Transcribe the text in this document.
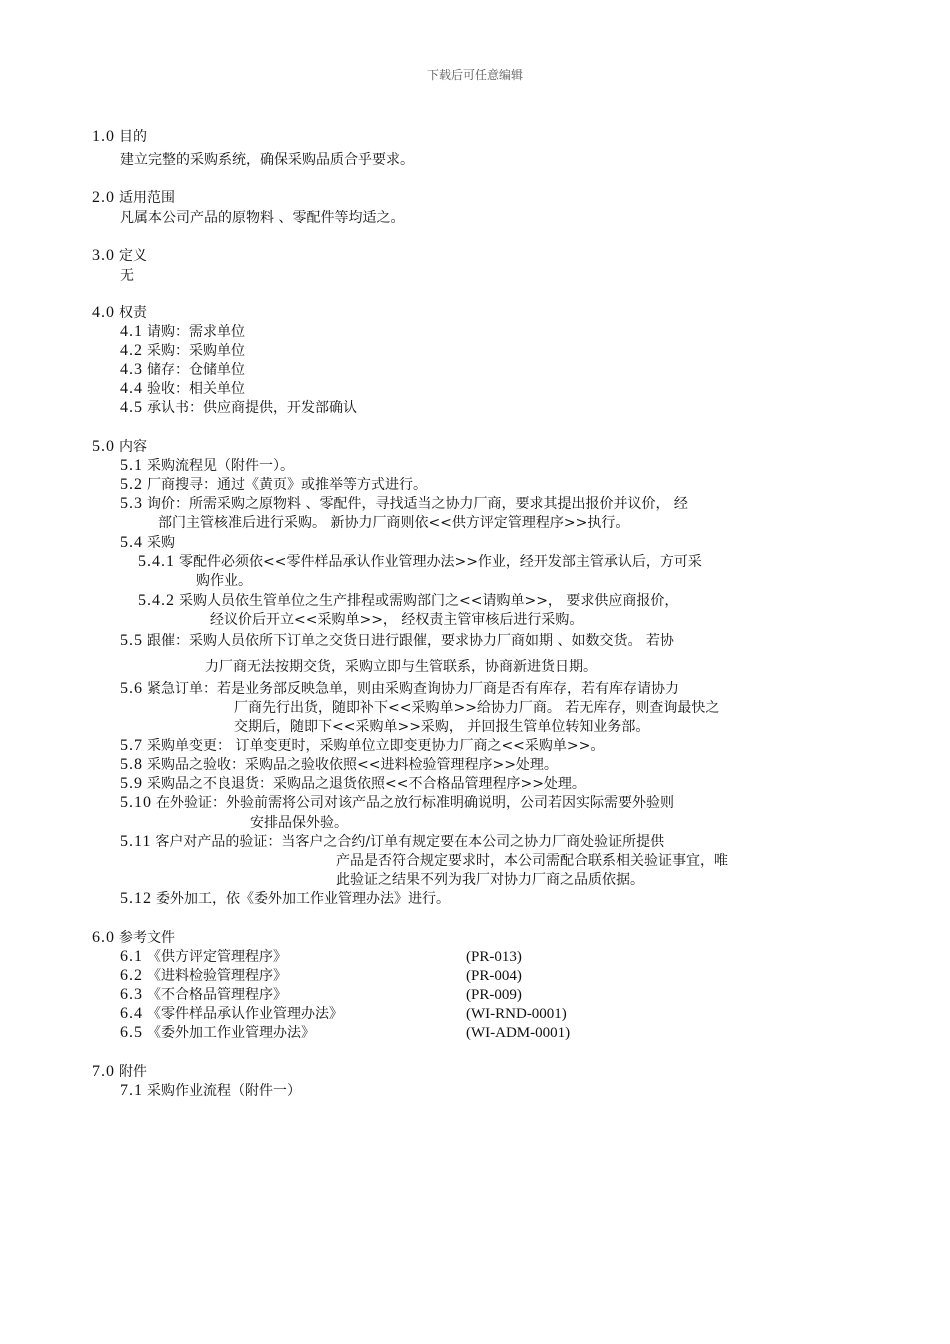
下载后可任意编辑
1.0 目的
建立完整的采购系统，确保采购品质合乎要求。
2.0 适用范围
凡属本公司产品的原物料 、零配件等均适之。
3.0 定义
无
4.0 权责
4.1 请购：需求单位
4.2 采购：采购单位
4.3 储存：仓储单位
4.4 验收：相关单位
4.5 承认书：供应商提供，开发部确认
5.0 内容
5.1 采购流程见（附件一）。
5.2 厂商搜寻：通过《黄页》或推举等方式进行。
5.3 询价：所需采购之原物料 、零配件，寻找适当之协力厂商，要求其提出报价并议价， 经
部门主管核准后进行采购。 新协力厂商则依<<供方评定管理程序>>执行。
5.4 采购
5.4.1 零配件必须依<<零件样品承认作业管理办法>>作业，经开发部主管承认后，方可采
购作业。
5.4.2 采购人员依生管单位之生产排程或需购部门之<<请购单>>， 要求供应商报价，
经议价后开立<<采购单>>， 经权责主管审核后进行采购。
5.5 跟催：采购人员依所下订单之交货日进行跟催，要求协力厂商如期 、如数交货。 若协
力厂商无法按期交货，采购立即与生管联系，协商新进货日期。
5.6 紧急订单：若是业务部反映急单，则由采购查询协力厂商是否有库存，若有库存请协力
厂商先行出货，随即补下<<采购单>>给协力厂商。 若无库存，则查询最快之
交期后，随即下<<采购单>>采购， 并回报生管单位转知业务部。
5.7 采购单变更： 订单变更时，采购单位立即变更协力厂商之<<采购单>>。
5.8 采购品之验收：采购品之验收依照<<进料检验管理程序>>处理。
5.9 采购品之不良退货：采购品之退货依照<<不合格品管理程序>>处理。
5.10 在外验证：外验前需将公司对该产品之放行标准明确说明，公司若因实际需要外验则
安排品保外验。
5.11 客户对产品的验证：当客户之合约/订单有规定要在本公司之协力厂商处验证所提供
产品是否符合规定要求时，本公司需配合联系相关验证事宜，唯
此验证之结果不列为我厂对协力厂商之品质依据。
5.12 委外加工，依《委外加工作业管理办法》进行。
6.0 参考文件
6.1 《供方评定管理程序》	(PR-013)
6.2 《进料检验管理程序》	(PR-004)
6.3 《不合格品管理程序》	(PR-009)
6.4 《零件样品承认作业管理办法》	(WI-RND-0001)
6.5 《委外加工作业管理办法》	(WI-ADM-0001)
7.0 附件
7.1 采购作业流程（附件一）
